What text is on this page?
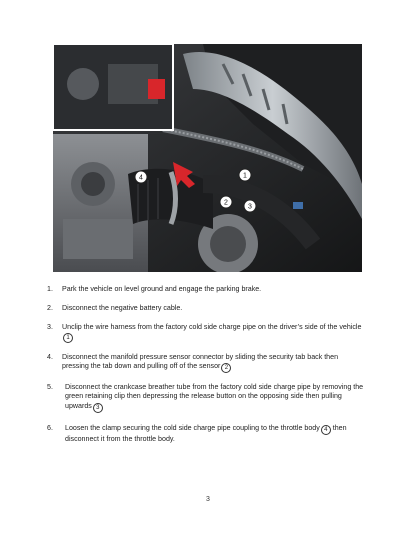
1
2
3
4
1. Park the vehicle on level ground and engage the parking brake.
2. Disconnect the negative battery cable.
3. Unclip the wire harness from the factory cold side charge pipe on the driver’s side of the vehicle1
4. Disconnect the manifold pressure sensor connector by sliding the security tab back then pressing the tab down and pulling off of the sensor 2
5. Disconnect the crankcase breather tube from the factory cold side charge pipe by removing the green retaining clip then depressing the release button on the opposing side then pulling upwards 3
6. Loosen the clamp securing the cold side charge pipe coupling to the throttle body 4 then disconnect it from the throttle body.
3
